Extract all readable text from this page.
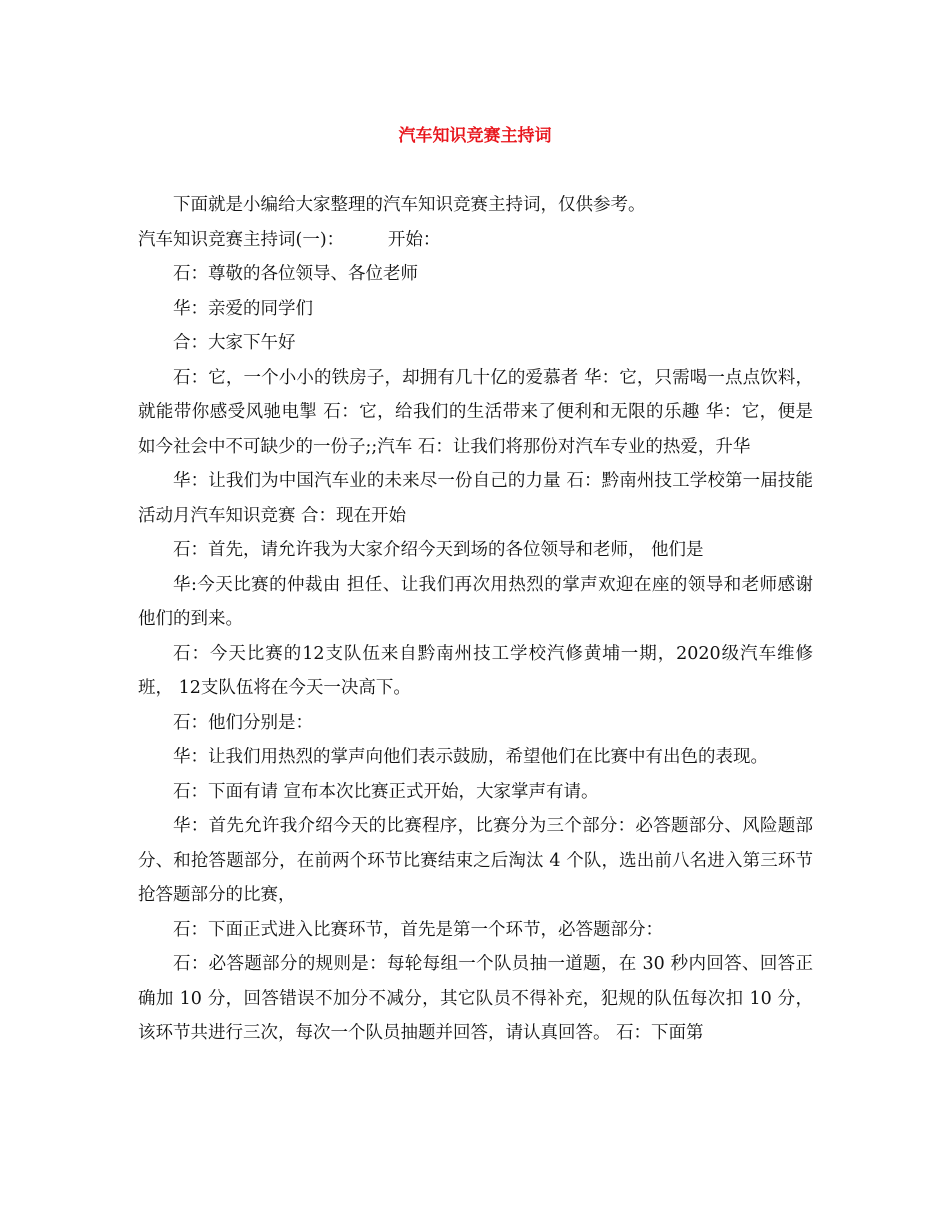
汽车知识竞赛主持词

下面就是小编给大家整理的汽车知识竞赛主持词，仅供参考。

汽车知识竞赛主持词(一)：　　　开始：

石：尊敬的各位领导、各位老师

华：亲爱的同学们

合：大家下午好

石：它，一个小小的铁房子，却拥有几十亿的爱慕者 华：它，只需喝一点点饮料，就能带你感受风驰电掣 石：它，给我们的生活带来了便利和无限的乐趣 华：它，便是如今社会中不可缺少的一份子;;汽车 石：让我们将那份对汽车专业的热爱，升华

华：让我们为中国汽车业的未来尽一份自己的力量 石：黔南州技工学校第一届技能活动月汽车知识竞赛 合：现在开始

石：首先，请允许我为大家介绍今天到场的各位领导和老师， 他们是

华:今天比赛的仲裁由 担任、让我们再次用热烈的掌声欢迎在座的领导和老师感谢他们的到来。

石：今天比赛的12支队伍来自黔南州技工学校汽修黄埔一期，2020级汽车维修班， 12支队伍将在今天一决高下。

石：他们分别是：

华：让我们用热烈的掌声向他们表示鼓励，希望他们在比赛中有出色的表现。

石：下面有请 宣布本次比赛正式开始，大家掌声有请。

华：首先允许我介绍今天的比赛程序，比赛分为三个部分：必答题部分、风险题部分、和抢答题部分，在前两个环节比赛结束之后淘汰 4 个队，选出前八名进入第三环节抢答题部分的比赛，

石：下面正式进入比赛环节，首先是第一个环节，必答题部分：

石：必答题部分的规则是：每轮每组一个队员抽一道题，在 30 秒内回答、回答正确加 10 分，回答错误不加分不减分，其它队员不得补充，犯规的队伍每次扣 10 分，该环节共进行三次，每次一个队员抽题并回答，请认真回答。 石：下面第
